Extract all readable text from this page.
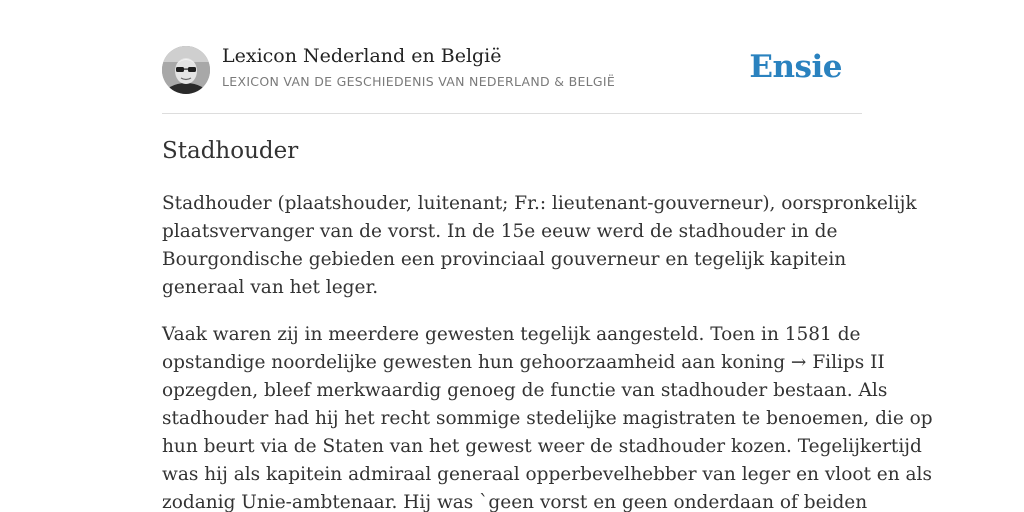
Lexicon Nederland en België
LEXICON VAN DE GESCHIEDENIS VAN NEDERLAND & BELGIË	Ensie
Stadhouder
Stadhouder (plaatshouder, luitenant; Fr.: lieutenant-gouverneur), oorspronkelijk
plaatsvervanger van de vorst. In de 15e eeuw werd de stadhouder in de
Bourgondische gebieden een provinciaal gouverneur en tegelijk kapitein
generaal van het leger.
Vaak waren zij in meerdere gewesten tegelijk aangesteld. Toen in 1581 de
opstandige noordelijke gewesten hun gehoorzaamheid aan koning → Filips II
opzegden, bleef merkwaardig genoeg de functie van stadhouder bestaan. Als
stadhouder had hij het recht sommige stedelijke magistraten te benoemen, die op
hun beurt via de Staten van het gewest weer de stadhouder kozen. Tegelijkertijd
was hij als kapitein admiraal generaal opperbevelhebber van leger en vloot en als
zodanig Unie-ambtenaar. Hij was `geen vorst en geen onderdaan of beiden
